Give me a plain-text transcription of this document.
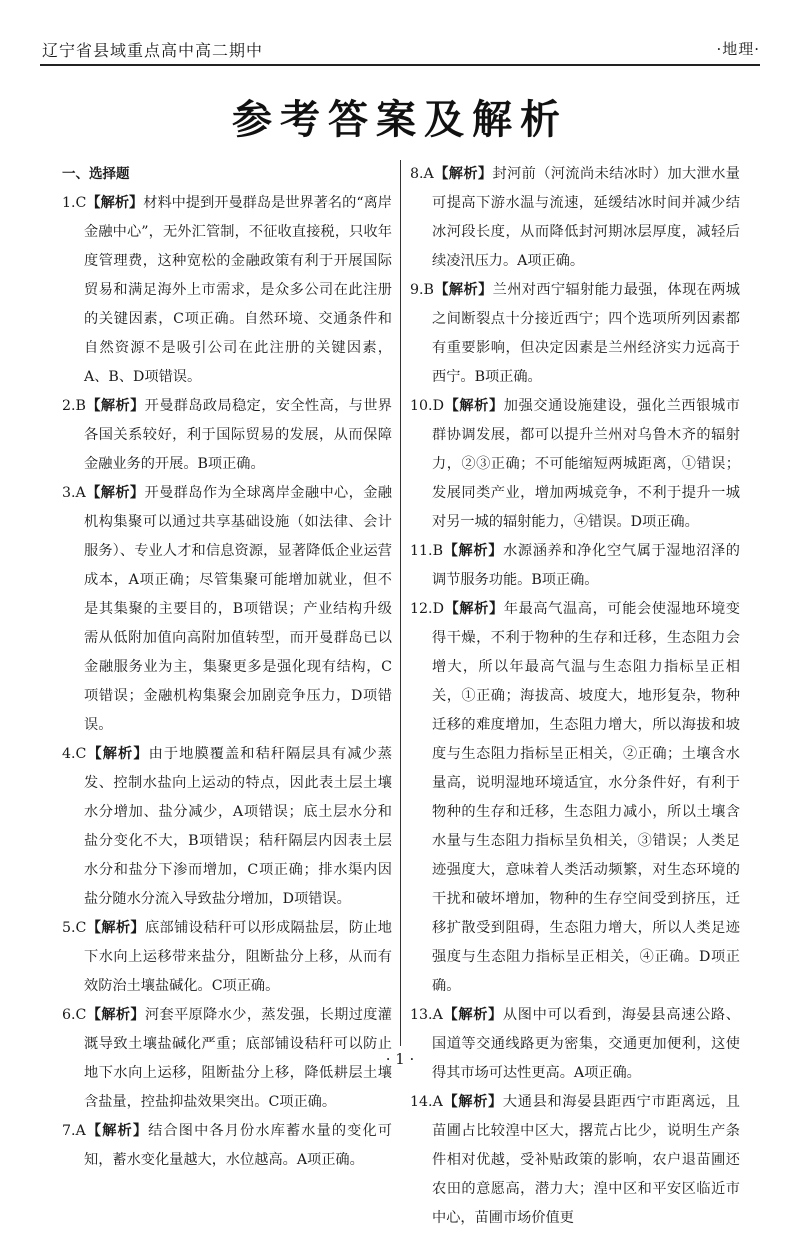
辽宁省县域重点高中高二期中	·地理·
参考答案及解析

一、选择题

1.C【解析】材料中提到开曼群岛是世界著名的“离岸金融中心”，无外汇管制，不征收直接税，只收年度管理费，这种宽松的金融政策有利于开展国际贸易和满足海外上市需求，是众多公司在此注册的关键因素，C项正确。自然环境、交通条件和自然资源不是吸引公司在此注册的关键因素，A、B、D项错误。

2.B【解析】开曼群岛政局稳定，安全性高，与世界各国关系较好，利于国际贸易的发展，从而保障金融业务的开展。B项正确。

3.A【解析】开曼群岛作为全球离岸金融中心，金融机构集聚可以通过共享基础设施（如法律、会计服务）、专业人才和信息资源，显著降低企业运营成本，A项正确；尽管集聚可能增加就业，但不是其集聚的主要目的，B项错误；产业结构升级需从低附加值向高附加值转型，而开曼群岛已以金融服务业为主，集聚更多是强化现有结构，C项错误；金融机构集聚会加剧竞争压力，D项错误。

4.C【解析】由于地膜覆盖和秸秆隔层具有减少蒸发、控制水盐向上运动的特点，因此表土层土壤水分增加、盐分减少，A项错误；底土层水分和盐分变化不大，B项错误；秸秆隔层内因表土层水分和盐分下渗而增加，C项正确；排水渠内因盐分随水分流入导致盐分增加，D项错误。

5.C【解析】底部铺设秸秆可以形成隔盐层，防止地下水向上运移带来盐分，阻断盐分上移，从而有效防治土壤盐碱化。C项正确。

6.C【解析】河套平原降水少，蒸发强，长期过度灌溉导致土壤盐碱化严重；底部铺设秸秆可以防止地下水向上运移，阻断盐分上移，降低耕层土壤含盐量，控盐抑盐效果突出。C项正确。

7.A【解析】结合图中各月份水库蓄水量的变化可知，蓄水变化量越大，水位越高。A项正确。

8.A【解析】封河前（河流尚未结冰时）加大泄水量可提高下游水温与流速，延缓结冰时间并减少结冰河段长度，从而降低封河期冰层厚度，减轻后续凌汛压力。A项正确。

9.B【解析】兰州对西宁辐射能力最强，体现在两城之间断裂点十分接近西宁；四个选项所列因素都有重要影响，但决定因素是兰州经济实力远高于西宁。B项正确。

10.D【解析】加强交通设施建设，强化兰西银城市群协调发展，都可以提升兰州对乌鲁木齐的辐射力，②③正确；不可能缩短两城距离，①错误；发展同类产业，增加两城竞争，不利于提升一城对另一城的辐射能力，④错误。D项正确。

11.B【解析】水源涵养和净化空气属于湿地沼泽的调节服务功能。B项正确。

12.D【解析】年最高气温高，可能会使湿地环境变得干燥，不利于物种的生存和迁移，生态阻力会增大，所以年最高气温与生态阻力指标呈正相关，①正确；海拔高、坡度大，地形复杂，物种迁移的难度增加，生态阻力增大，所以海拔和坡度与生态阻力指标呈正相关，②正确；土壤含水量高，说明湿地环境适宜，水分条件好，有利于物种的生存和迁移，生态阻力减小，所以土壤含水量与生态阻力指标呈负相关，③错误；人类足迹强度大，意味着人类活动频繁，对生态环境的干扰和破坏增加，物种的生存空间受到挤压，迁移扩散受到阻碍，生态阻力增大，所以人类足迹强度与生态阻力指标呈正相关，④正确。D项正确。

13.A【解析】从图中可以看到，海晏县高速公路、国道等交通线路更为密集，交通更加便利，这使得其市场可达性更高。A项正确。

14.A【解析】大通县和海晏县距西宁市距离远，且苗圃占比较湟中区大，撂荒占比少，说明生产条件相对优越，受补贴政策的影响，农户退苗圃还农田的意愿高，潜力大；湟中区和平安区临近市中心，苗圃市场价值更

· 1 ·
